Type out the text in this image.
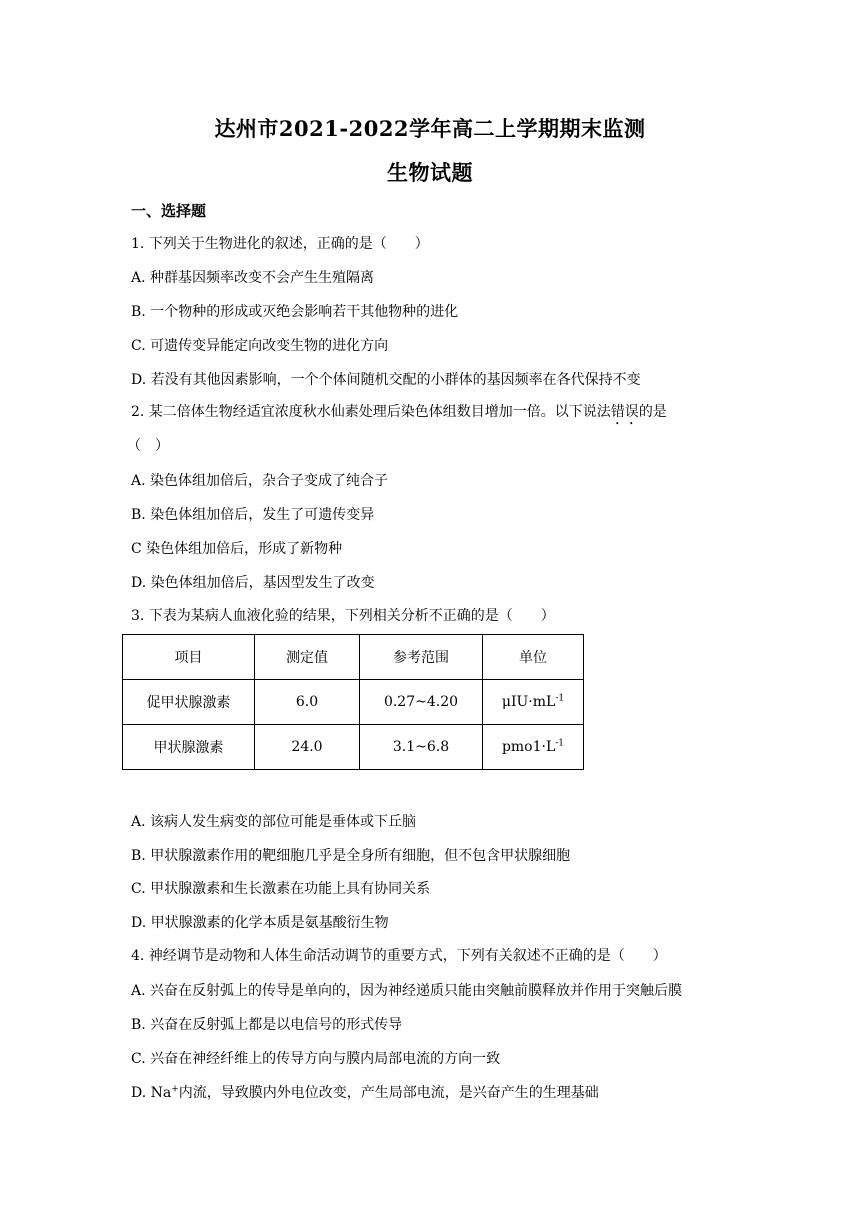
达州市2021-2022学年高二上学期期末监测
生物试题
一、选择题
1. 下列关于生物进化的叙述，正确的是（　　）
A. 种群基因频率改变不会产生生殖隔离
B. 一个物种的形成或灭绝会影响若干其他物种的进化
C. 可遗传变异能定向改变生物的进化方向
D. 若没有其他因素影响，一个个体间随机交配的小群体的基因频率在各代保持不变
2. 某二倍体生物经适宜浓度秋水仙素处理后染色体组数目增加一倍。以下说法错误的是
（　）
A. 染色体组加倍后，杂合子变成了纯合子
B. 染色体组加倍后，发生了可遗传变异
C 染色体组加倍后，形成了新物种
D. 染色体组加倍后，基因型发生了改变
3. 下表为某病人血液化验的结果，下列相关分析不正确的是（　　）
项目	测定值	参考范围	单位
促甲状腺激素	6.0	0.27~4.20	$\mu IU\cdot mL^{-1}$
甲状腺激素	24.0	3.1~6.8	$pmo1\cdot L^{-1}$
A. 该病人发生病变的部位可能是垂体或下丘脑
B. 甲状腺激素作用的靶细胞几乎是全身所有细胞，但不包含甲状腺细胞
C. 甲状腺激素和生长激素在功能上具有协同关系
D. 甲状腺激素的化学本质是氨基酸衍生物
4. 神经调节是动物和人体生命活动调节的重要方式，下列有关叙述不正确的是（　　）
A. 兴奋在反射弧上的传导是单向的，因为神经递质只能由突触前膜释放并作用于突触后膜
B. 兴奋在反射弧上都是以电信号的形式传导
C. 兴奋在神经纤维上的传导方向与膜内局部电流的方向一致
D. Na+内流，导致膜内外电位改变，产生局部电流，是兴奋产生的生理基础
